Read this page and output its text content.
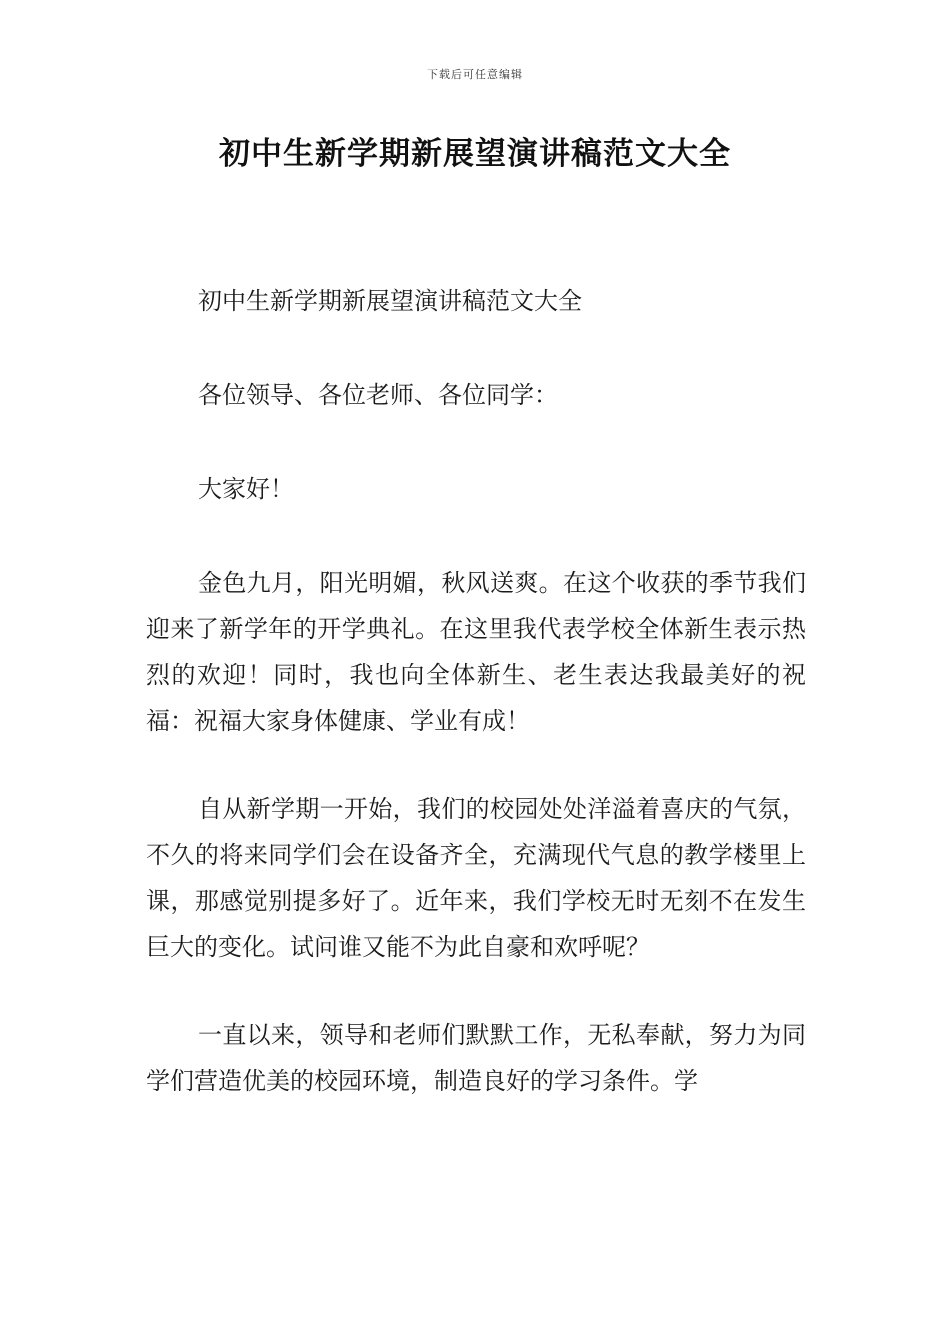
下载后可任意编辑
初中生新学期新展望演讲稿范文大全

初中生新学期新展望演讲稿范文大全

各位领导、各位老师、各位同学：

大家好！

金色九月，阳光明媚，秋风送爽。在这个收获的季节我们迎来了新学年的开学典礼。在这里我代表学校全体新生表示热烈的欢迎！同时，我也向全体新生、老生表达我最美好的祝福：祝福大家身体健康、学业有成！

自从新学期一开始，我们的校园处处洋溢着喜庆的气氛，不久的将来同学们会在设备齐全，充满现代气息的教学楼里上课，那感觉别提多好了。近年来，我们学校无时无刻不在发生巨大的变化。试问谁又能不为此自豪和欢呼呢？

一直以来，领导和老师们默默工作，无私奉献，努力为同学们营造优美的校园环境，制造良好的学习条件。学
